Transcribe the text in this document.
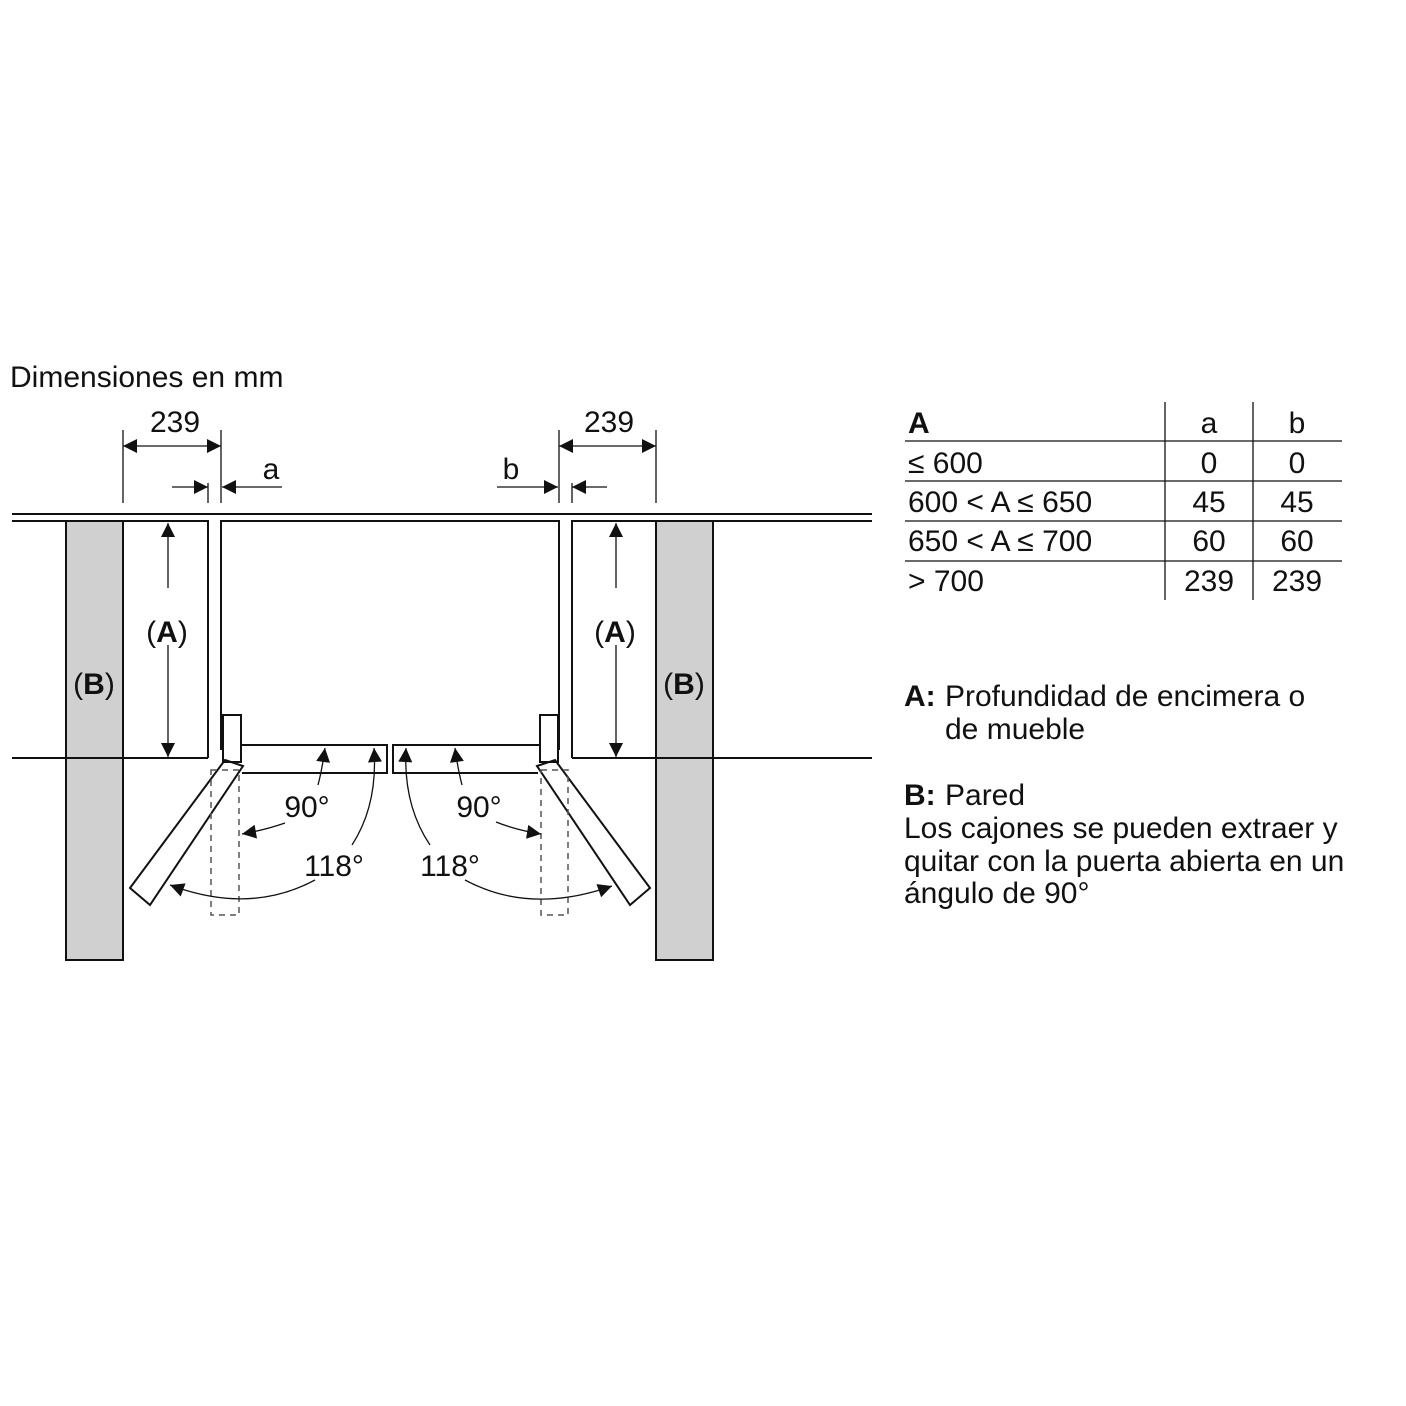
Dimensiones en mm
239
a
239
b
(A)	(A)
(B)	(B)
90°
118°
90°
118°
A	a b
≤ 600	0 0
600 < A ≤ 650	45 45
650 < A ≤ 700	60 60
> 700	239 239
A: Profundidad de encimera o
de mueble
B: Pared
Los cajones se pueden extraer y
quitar con la puerta abierta en un
ángulo de 90°
